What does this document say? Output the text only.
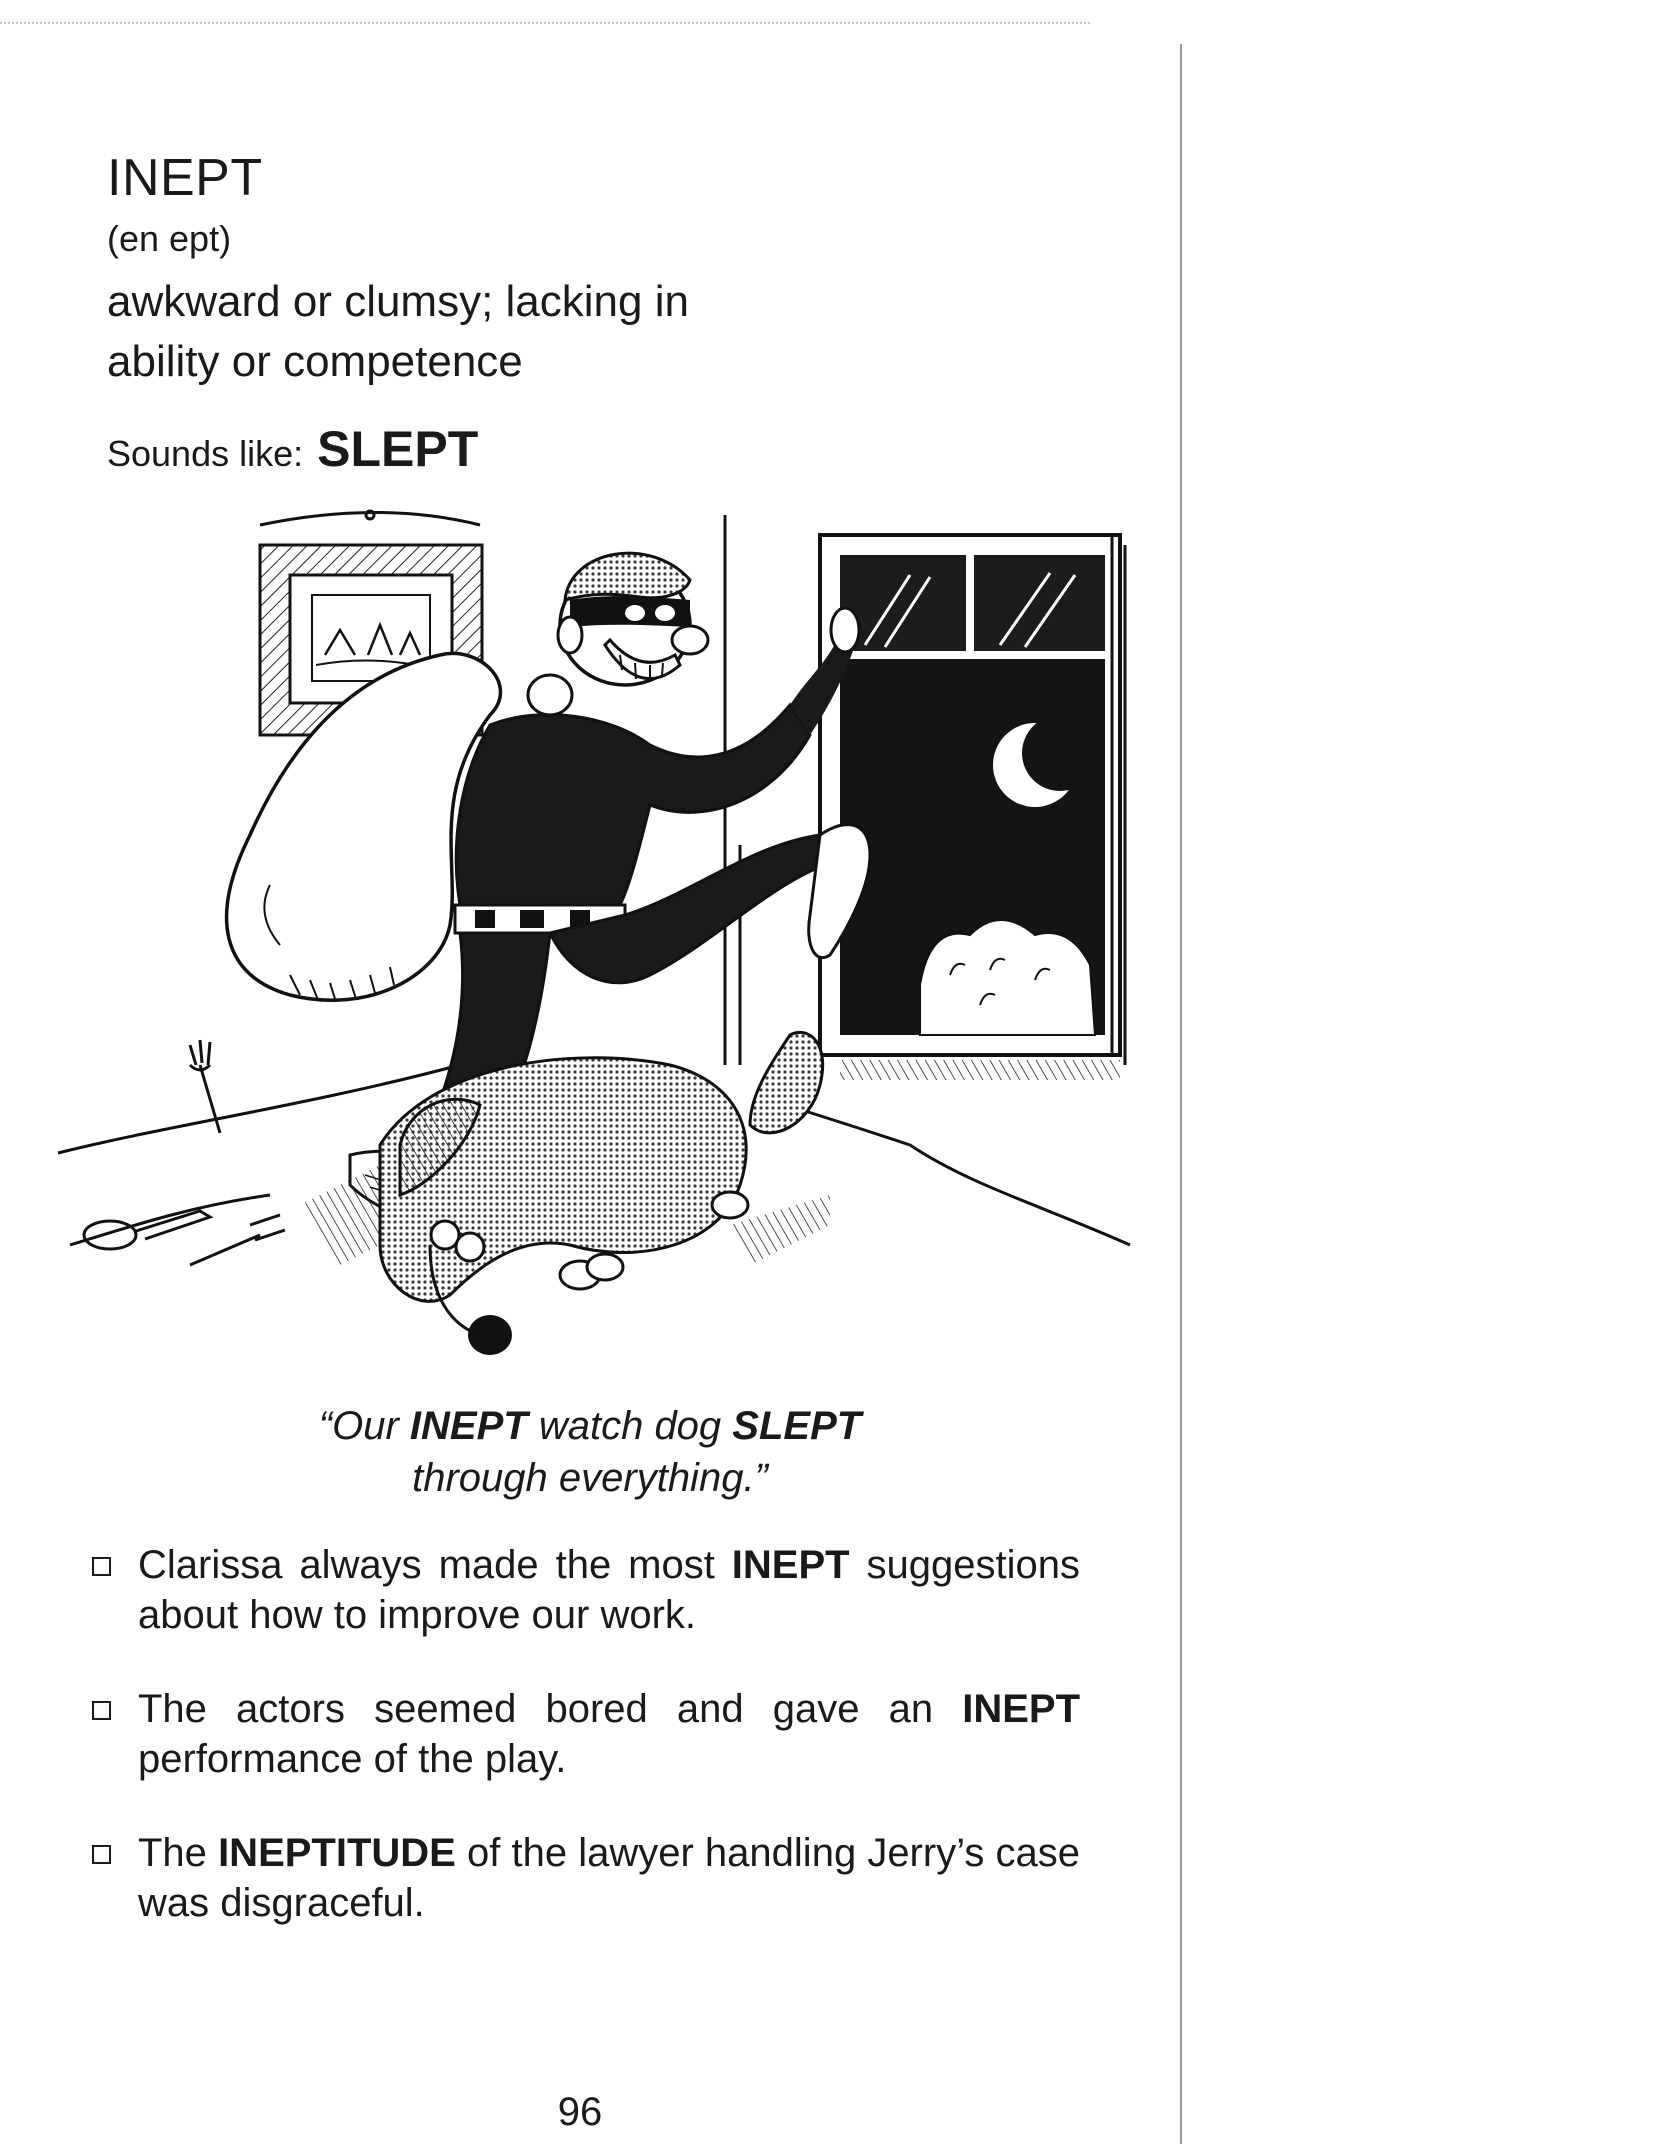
INEPT
(en ept)
awkward or clumsy; lacking in ability or competence
Sounds like: SLEPT
“Our INEPT watch dog SLEPT through everything.”
Clarissa always made the most INEPT suggestions about how to improve our work.
The actors seemed bored and gave an INEPT performance of the play.
The INEPTITUDE of the lawyer handling Jerry’s case was disgraceful.
96
